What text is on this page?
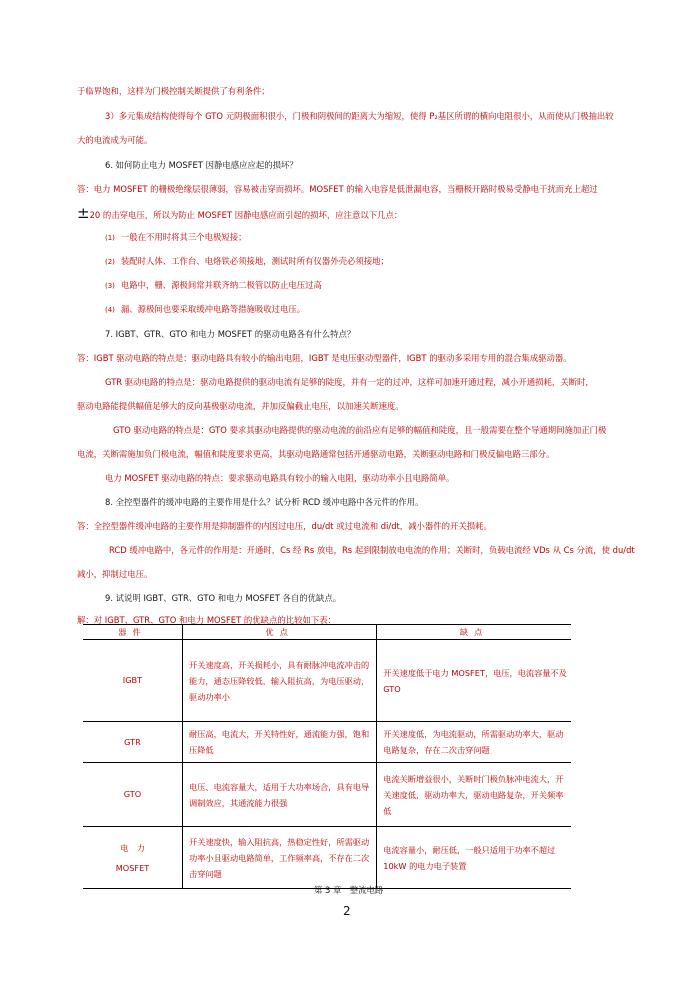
于临界饱和，这样为门极控制关断提供了有利条件；
3）多元集成结构使得每个 GTO 元阴极面积很小，门极和阴极间的距离大为缩短，使得 P₂基区所谓的横向电阻很小，从而使从门极抽出较
大的电流成为可能。
6. 如何防止电力 MOSFET 因静电感应应起的损坏？
答：电力 MOSFET 的栅极绝缘层很薄弱，容易被击穿而损坏。MOSFET 的输入电容是低泄漏电容，当栅极开路时极易受静电干扰而充上超过
±20 的击穿电压，所以为防止 MOSFET 因静电感应而引起的损坏，应注意以下几点：
(1) 一般在不用时将其三个电极短接；
(2) 装配时人体、工作台、电烙铁必须接地，测试时所有仪器外壳必须接地；
(3) 电路中，栅、源极间常并联齐纳二极管以防止电压过高
(4) 漏、源极间也要采取缓冲电路等措施吸收过电压。
7. IGBT、GTR、GTO 和电力 MOSFET 的驱动电路各有什么特点？
答：IGBT 驱动电路的特点是：驱动电路具有较小的输出电阻，IGBT 是电压驱动型器件，IGBT 的驱动多采用专用的混合集成驱动器。
GTR 驱动电路的特点是：驱动电路提供的驱动电流有足够的陡度，并有一定的过冲，这样可加速开通过程，减小开通损耗，关断时，
驱动电路能提供幅值足够大的反向基极驱动电流，并加反偏截止电压，以加速关断速度。
GTO 驱动电路的特点是：GTO 要求其驱动电路提供的驱动电流的前沿应有足够的幅值和陡度，且一般需要在整个导通期间施加正门极
电流，关断需施加负门极电流，幅值和陡度要求更高，其驱动电路通常包括开通驱动电路，关断驱动电路和门极反偏电路三部分。
电力 MOSFET 驱动电路的特点：要求驱动电路具有较小的输入电阻，驱动功率小且电路简单。
8. 全控型器件的缓冲电路的主要作用是什么？试分析 RCD 缓冲电路中各元件的作用。
答：全控型器件缓冲电路的主要作用是抑制器件的内因过电压，du/dt 或过电流和 di/dt，减小器件的开关损耗。
RCD 缓冲电路中，各元件的作用是：开通时，Cs 经 Rs 放电，Rs 起到限制放电电流的作用；关断时，负载电流经 VDs 从 Cs 分流，使 du/dt
减小，抑制过电压。
9. 试说明 IGBT、GTR、GTO 和电力 MOSFET 各自的优缺点。
解：对 IGBT、GTR、GTO 和电力 MOSFET 的优缺点的比较如下表：
器件	优点	缺点
IGBT	开关速度高，开关损耗小，具有耐脉冲电流冲击的能力，通态压降较低，输入阻抗高，为电压驱动，驱动功率小	开关速度低于电力 MOSFET，电压，电流容量不及 GTO
GTR	耐压高，电流大，开关特性好，通流能力强，饱和压降低	开关速度低，为电流驱动，所需驱动功率大，驱动电路复杂，存在二次击穿问题
GTO	电压、电流容量大，适用于大功率场合，具有电导调制效应，其通流能力很强	电流关断增益很小，关断时门极负脉冲电流大，开关速度低，驱动功率大，驱动电路复杂，开关频率低
电　力
MOSFET	开关速度快，输入阻抗高，热稳定性好，所需驱动功率小且驱动电路简单，工作频率高，不存在二次击穿问题	电流容量小，耐压低，一般只适用于功率不超过 10kW 的电力电子装置
第 3 章　整流电路
2
